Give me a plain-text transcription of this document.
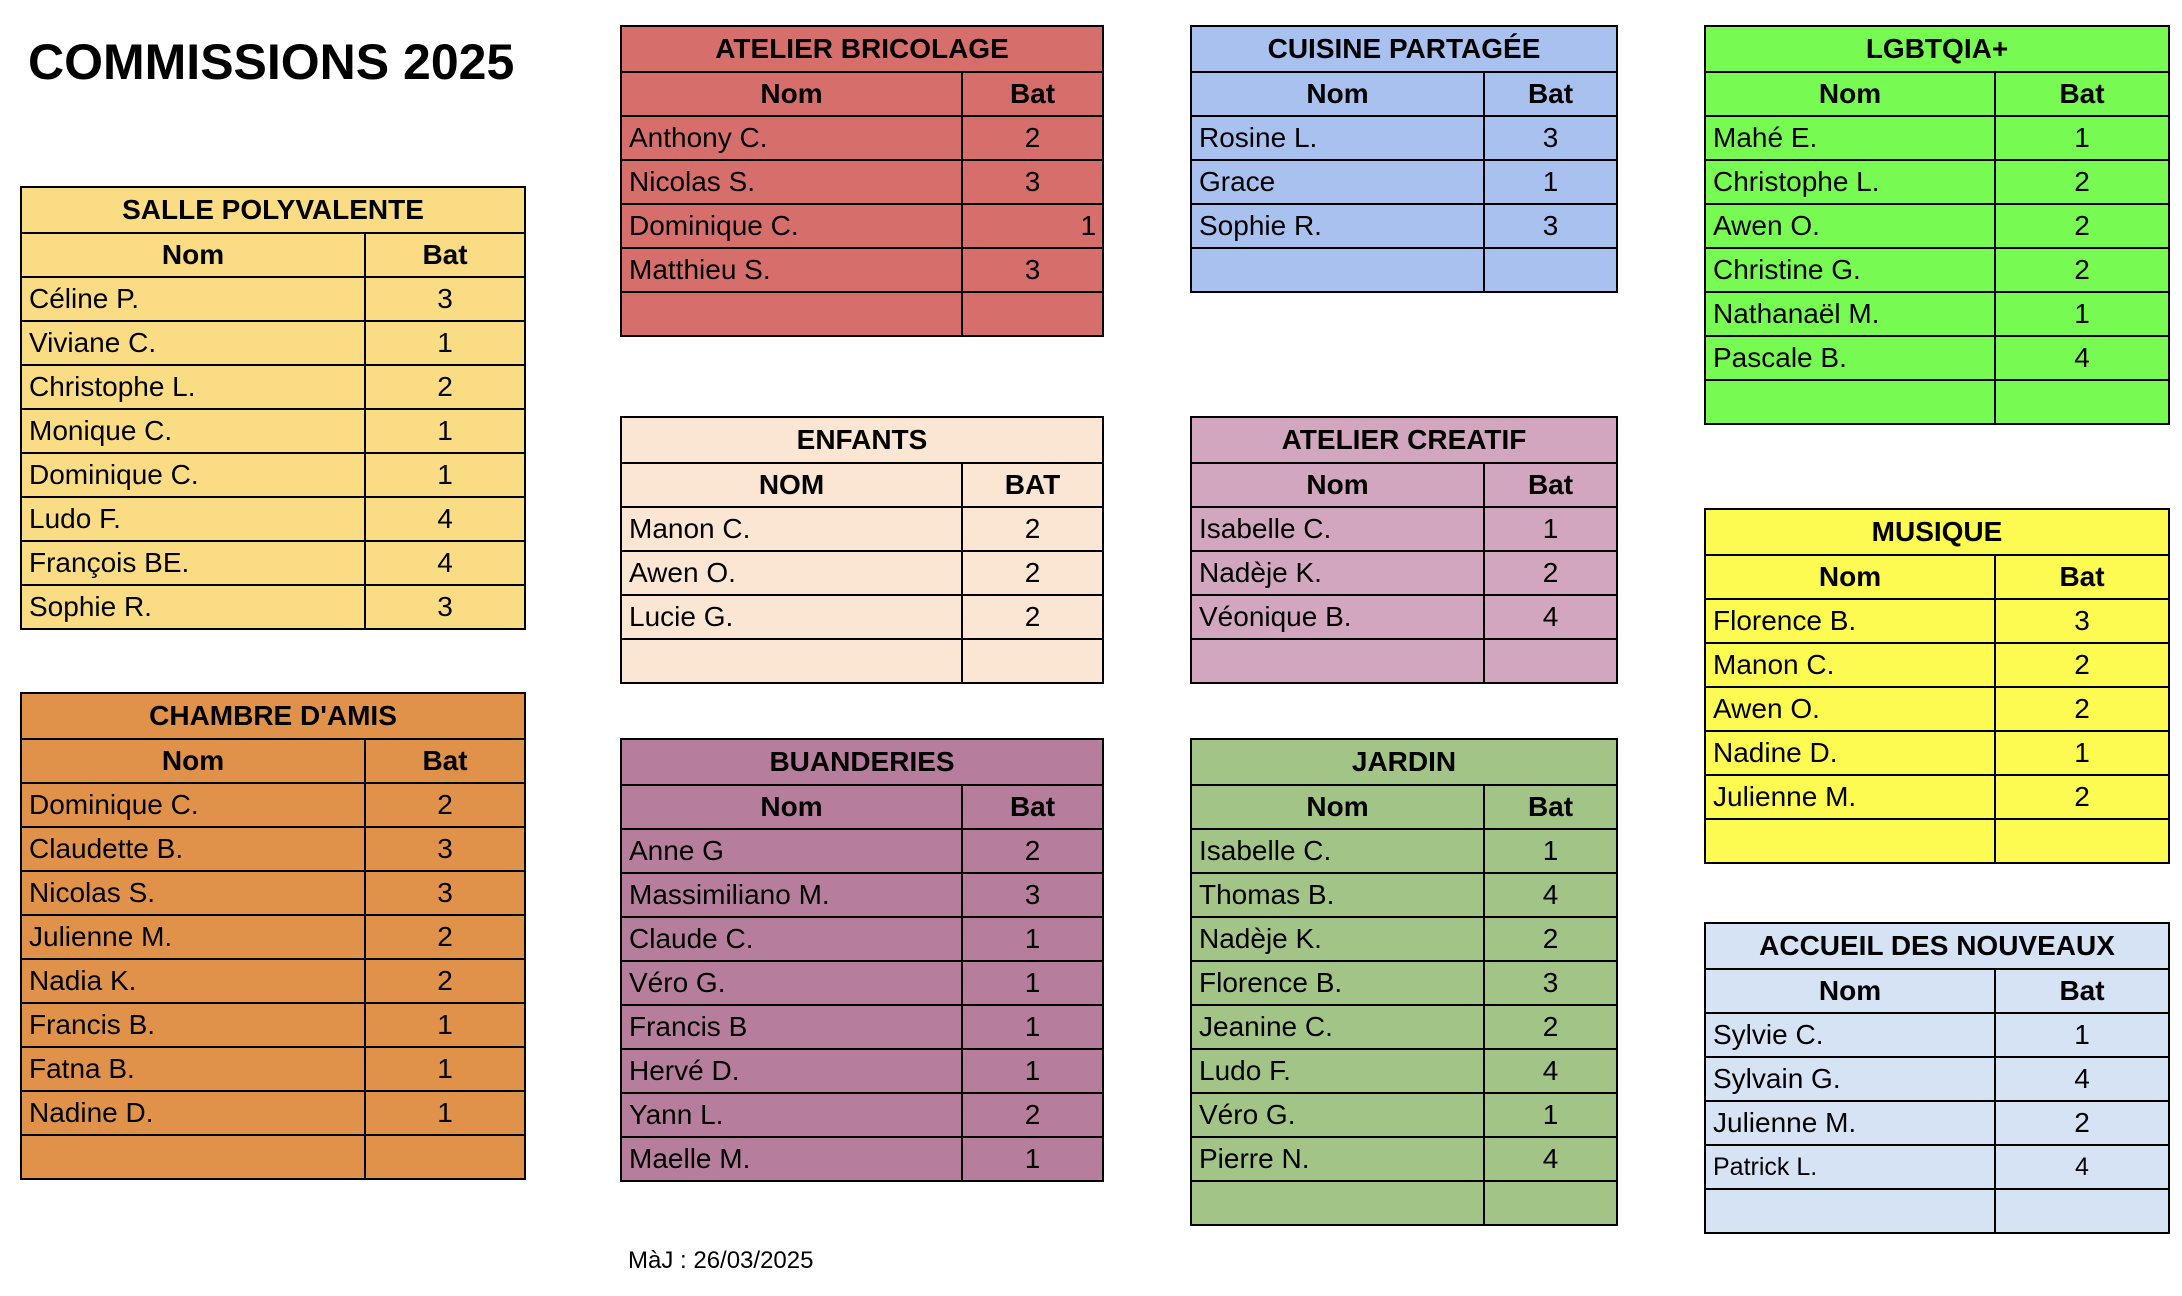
COMMISSIONS 2025
SALLE POLYVALENTE	
Nom	Bat
Céline P.	3
Viviane C.	1
Christophe L.	2
Monique C.	1
Dominique C.	1
Ludo F.	4
François BE.	4
Sophie R.	3
CHAMBRE D'AMIS	
Nom	Bat
Dominique C.	2
Claudette B.	3
Nicolas S.	3
Julienne M.	2
Nadia K.	2
Francis B.	1
Fatna B.	1
Nadine D.	1

ATELIER BRICOLAGE	
Nom	Bat
Anthony C.	2
Nicolas S.	3
Dominique C.	1
Matthieu S.	3

ENFANTS	
NOM	BAT
Manon C.	2
Awen O.	2
Lucie G.	2

BUANDERIES	
Nom	Bat
Anne G	2
Massimiliano M.	3
Claude C.	1
Véro G.	1
Francis B	1
Hervé D.	1
Yann L.	2
Maelle M.	1
CUISINE PARTAGÉE	
Nom	Bat
Rosine L.	3
Grace	1
Sophie R.	3

ATELIER CREATIF	
Nom	Bat
Isabelle C.	1
Nadèje K.	2
Véonique B.	4

JARDIN	
Nom	Bat
Isabelle C.	1
Thomas B.	4
Nadèje K.	2
Florence B.	3
Jeanine C.	2
Ludo F.	4
Véro G.	1
Pierre N.	4

LGBTQIA+	
Nom	Bat
Mahé E.	1
Christophe L.	2
Awen O.	2
Christine G.	2
Nathanaël M.	1
Pascale B.	4

MUSIQUE	
Nom	Bat
Florence B.	3
Manon C.	2
Awen O.	2
Nadine D.	1
Julienne M.	2

ACCUEIL DES NOUVEAUX	
Nom	Bat
Sylvie C.	1
Sylvain G.	4
Julienne M.	2
Patrick L.	4

MàJ : 26/03/2025
